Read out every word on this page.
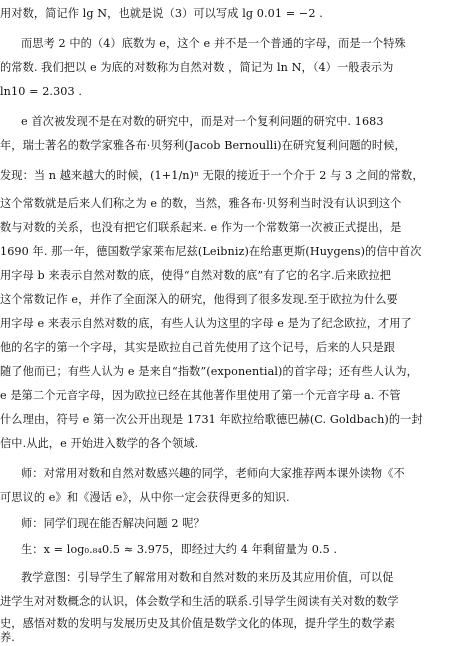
用对数，简记作 lg N，也就是说（3）可以写成 lg 0.01 = −2 .
而思考 2 中的（4）底数为 e，这个 e 并不是一个普通的字母，而是一个特殊
的常数. 我们把以 e 为底的对数称为自然对数 ，简记为 ln N，（4）一般表示为
ln10 = 2.303 .
e 首次被发现不是在对数的研究中，而是对一个复利问题的研究中. 1683
年，瑞士著名的数学家雅各布·贝努利(Jacob Bernoulli)在研究复利问题的时候，
发现：当 n 越来越大的时候，(1+1/n)ⁿ 无限的接近于一个介于 2 与 3 之间的常数，
这个常数就是后来人们称之为 e 的数，当然，雅各布·贝努利当时没有认识到这个
数与对数的关系，也没有把它们联系起来. e 作为一个常数第一次被正式提出，是
1690 年. 那一年，德国数学家莱布尼兹(Leibniz)在给惠更斯(Huygens)的信中首次
用字母 b 来表示自然对数的底，使得“自然对数的底”有了它的名字.后来欧拉把
这个常数记作 e，并作了全面深入的研究，他得到了很多发现.至于欧拉为什么要
用字母 e 来表示自然对数的底，有些人认为这里的字母 e 是为了纪念欧拉，才用了
他的名字的第一个字母，其实是欧拉自己首先使用了这个记号，后来的人只是跟
随了他而已；有些人认为 e 是来自“指数”(exponential)的首字母；还有些人认为，
e 是第二个元音字母，因为欧拉已经在其他著作里使用了第一个元音字母 a. 不管
什么理由，符号 e 第一次公开出现是 1731 年欧拉给歌德巴赫(C. Goldbach)的一封
信中.从此，e 开始进入数学的各个领域.
师：对常用对数和自然对数感兴趣的同学，老师向大家推荐两本课外读物《不
可思议的 e》和《漫话 e》，从中你一定会获得更多的知识.
师：同学们现在能否解决问题 2 呢？
生：x = log₀.₈₄0.5 ≈ 3.975，即经过大约 4 年剩留量为 0.5 .
教学意图：引导学生了解常用对数和自然对数的来历及其应用价值，可以促
进学生对对数概念的认识，体会数学和生活的联系.引导学生阅读有关对数的数学
史，感悟对数的发明与发展历史及其价值是数学文化的体现，提升学生的数学素
养.
